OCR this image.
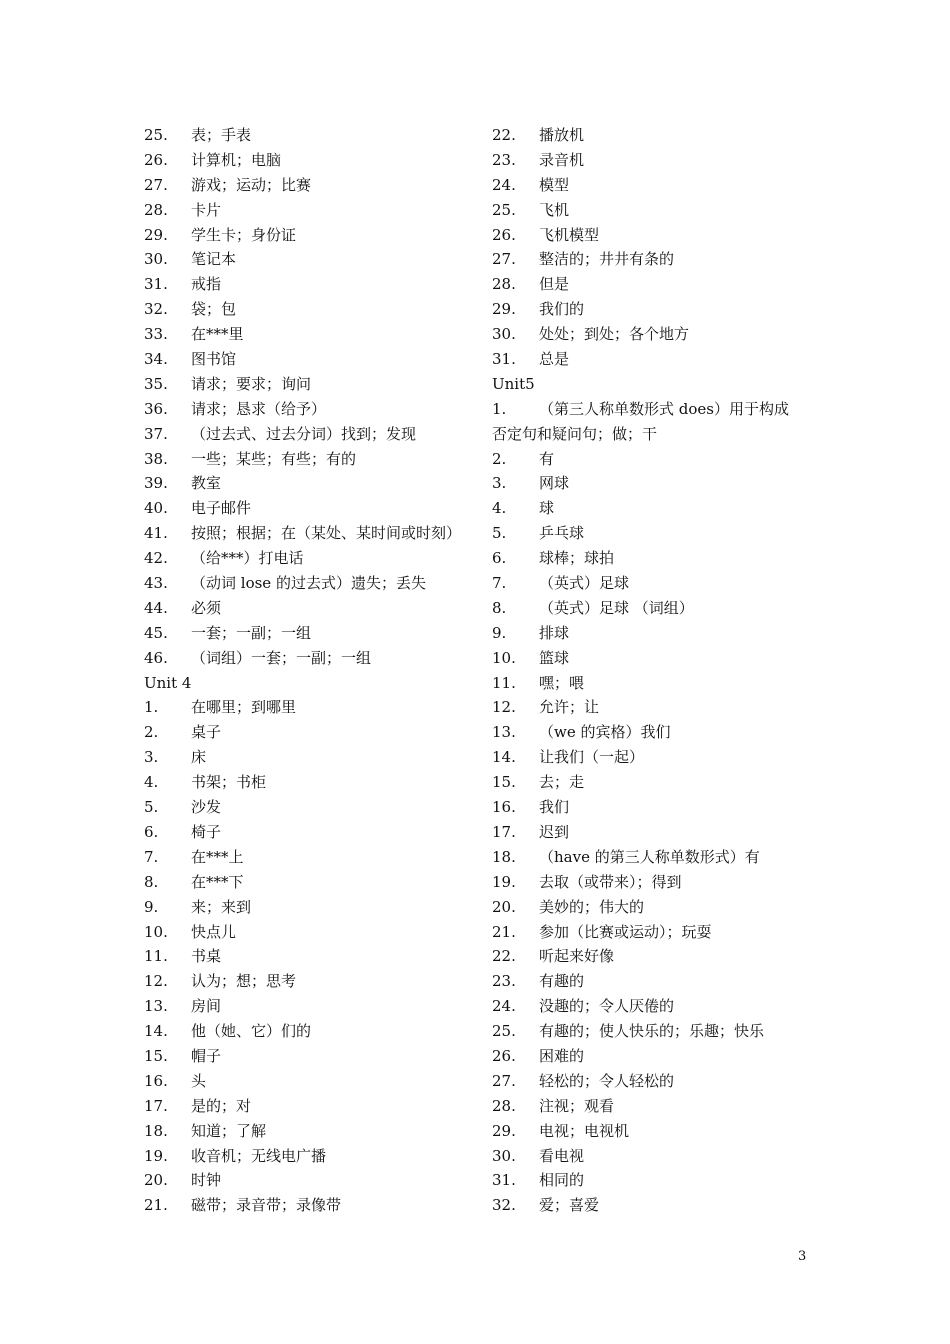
25. 表；手表
26. 计算机；电脑
27. 游戏；运动；比赛
28. 卡片
29. 学生卡；身份证
30. 笔记本
31. 戒指
32. 袋；包
33. 在***里
34. 图书馆
35. 请求；要求；询问
36. 请求；恳求（给予）
37. （过去式、过去分词）找到；发现
38. 一些；某些；有些；有的
39. 教室
40. 电子邮件
41. 按照；根据；在（某处、某时间或时刻）
42. （给***）打电话
43. （动词 lose 的过去式）遗失；丢失
44. 必须
45. 一套；一副；一组
46. （词组）一套；一副；一组
Unit 4
1. 在哪里；到哪里
2. 桌子
3. 床
4. 书架；书柜
5. 沙发
6. 椅子
7. 在***上
8. 在***下
9. 来；来到
10. 快点儿
11. 书桌
12. 认为；想；思考
13. 房间
14. 他（她、它）们的
15. 帽子
16. 头
17. 是的；对
18. 知道；了解
19. 收音机；无线电广播
20. 时钟
21. 磁带；录音带；录像带
22. 播放机
23. 录音机
24. 模型
25. 飞机
26. 飞机模型
27. 整洁的；井井有条的
28. 但是
29. 我们的
30. 处处；到处；各个地方
31. 总是
Unit5
1. （第三人称单数形式 does）用于构成
否定句和疑问句；做；干
2. 有
3. 网球
4. 球
5. 乒乓球
6. 球棒；球拍
7. （英式）足球
8. （英式）足球 （词组）
9. 排球
10. 篮球
11. 嘿；喂
12. 允许；让
13. （we 的宾格）我们
14. 让我们（一起）
15. 去；走
16. 我们
17. 迟到
18. （have 的第三人称单数形式）有
19. 去取（或带来）；得到
20. 美妙的；伟大的
21. 参加（比赛或运动）；玩耍
22. 听起来好像
23. 有趣的
24. 没趣的；令人厌倦的
25. 有趣的；使人快乐的；乐趣；快乐
26. 困难的
27. 轻松的；令人轻松的
28. 注视；观看
29. 电视；电视机
30. 看电视
31. 相同的
32. 爱；喜爱
3
